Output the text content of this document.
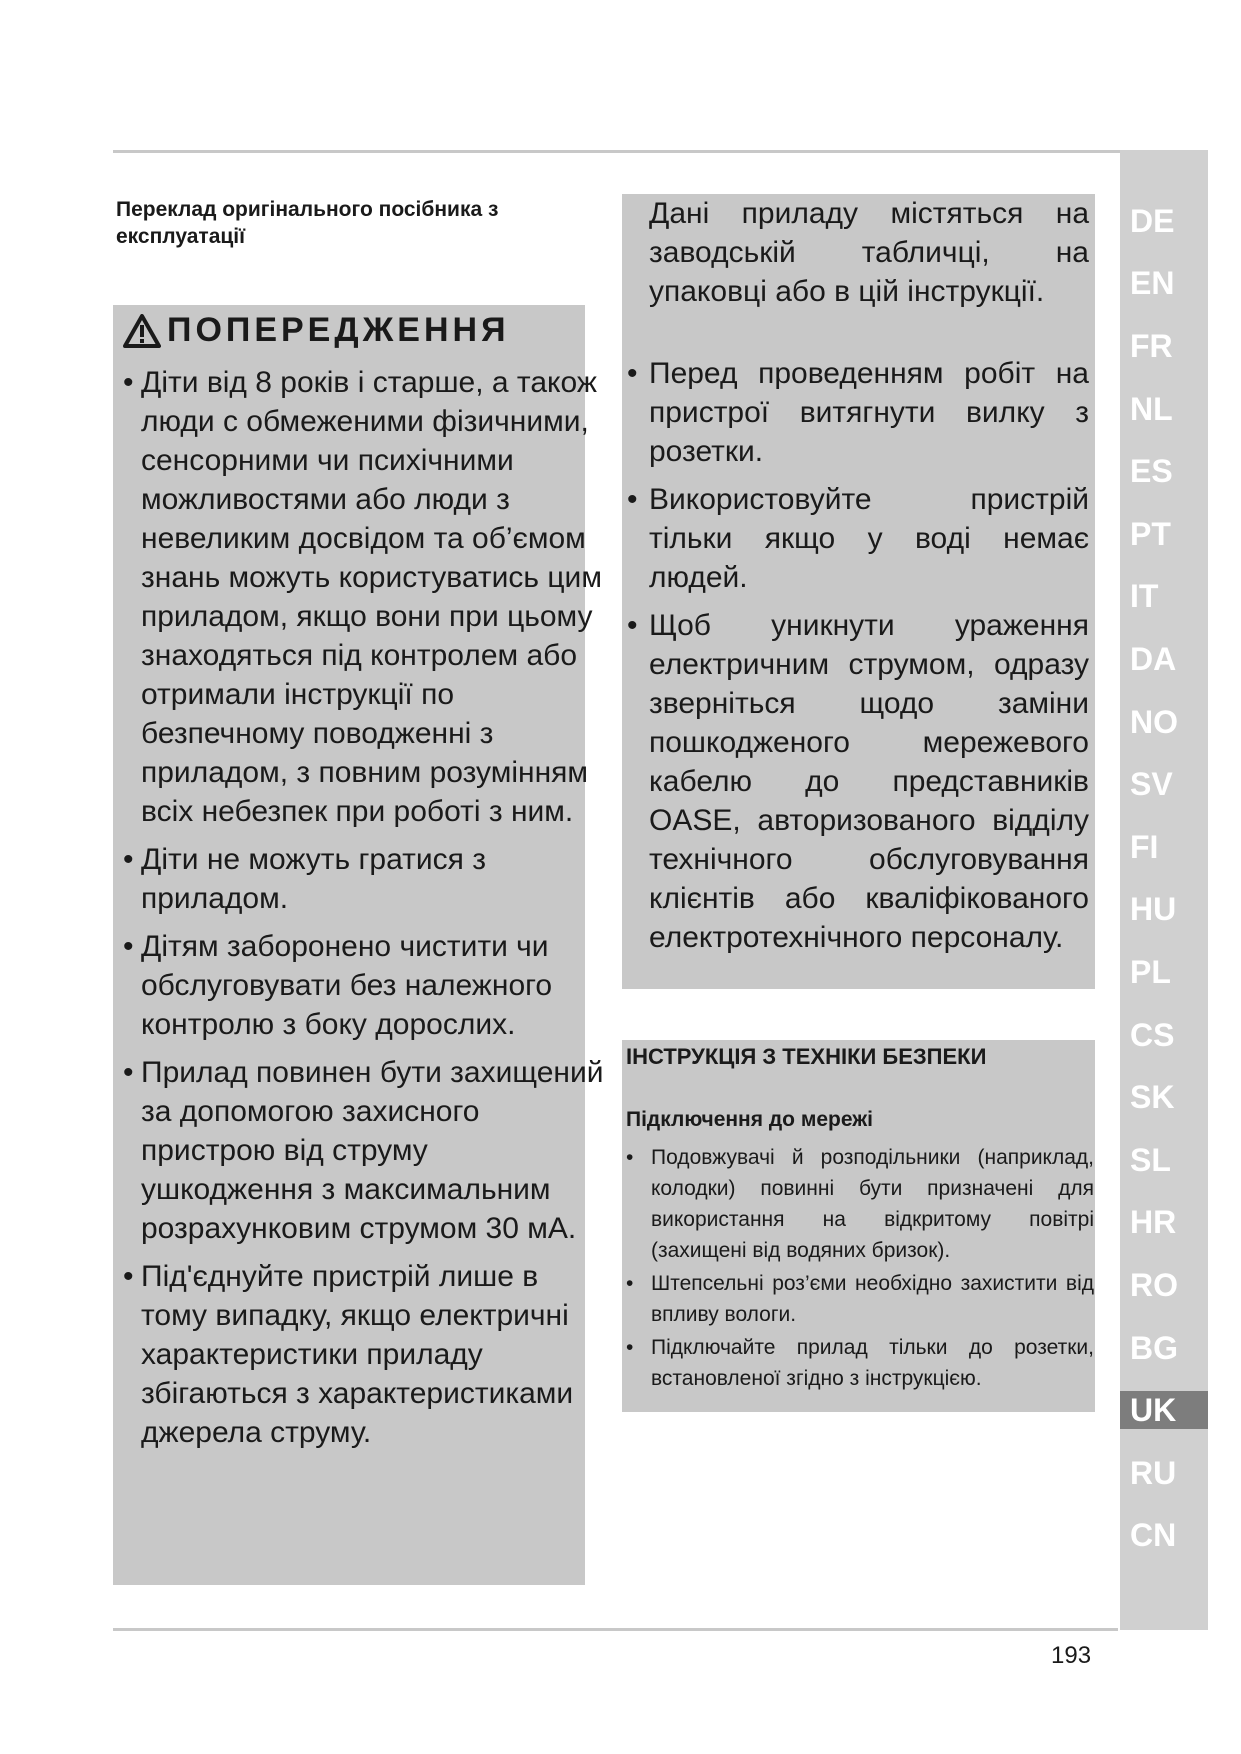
Переклад оригінального посібника з експлуатації
ПОПЕРЕДЖЕННЯ
• Діти від 8 років і старше, а також люди с обмеженими фізичними, сенсорними чи психічними можливостями або люди з невеликим досвідом та об’ємом знань можуть користуватись цим приладом, якщо вони при цьому знаходяться під контролем або отримали інструкції по безпечному поводженні з приладом, з повним розумінням всіх небезпек при роботі з ним.
• Діти не можуть гратися з приладом.
• Дітям заборонено чистити чи обслуговувати без належного контролю з боку дорослих.
• Прилад повинен бути захищений за допомогою захисного пристрою від струму ушкодження з максимальним розрахунковим струмом 30 мА.
• Під'єднуйте пристрій лише в тому випадку, якщо електричні характеристики приладу збігаються з характеристиками джерела струму.
Дані приладу містяться на заводській табличці, на упаковці або в цій інструкції.
• Перед проведенням робіт на пристрої витягнути вилку з розетки.
• Використовуйте пристрій тільки якщо у воді немає людей.
• Щоб уникнути ураження електричним струмом, одразу зверніться щодо заміни пошкодженого мережевого кабелю до представників OASE, авторизованого відділу технічного обслуговування клієнтів або кваліфікованого електротехнічного персоналу.
ІНСТРУКЦІЯ З ТЕХНІКИ БЕЗПЕКИ
Підключення до мережі
• Подовжувачі й розподільники (наприклад, колодки) повинні бути призначені для використання на відкритому повітрі (захищені від водяних бризок).
• Штепсельні роз’єми необхідно захистити від впливу вологи.
• Підключайте прилад тільки до розетки, встановленої згідно з інструкцією.
DE
EN
FR
NL
ES
PT
IT
DA
NO
SV
FI
HU
PL
CS
SK
SL
HR
RO
BG
UK
RU
CN
193
